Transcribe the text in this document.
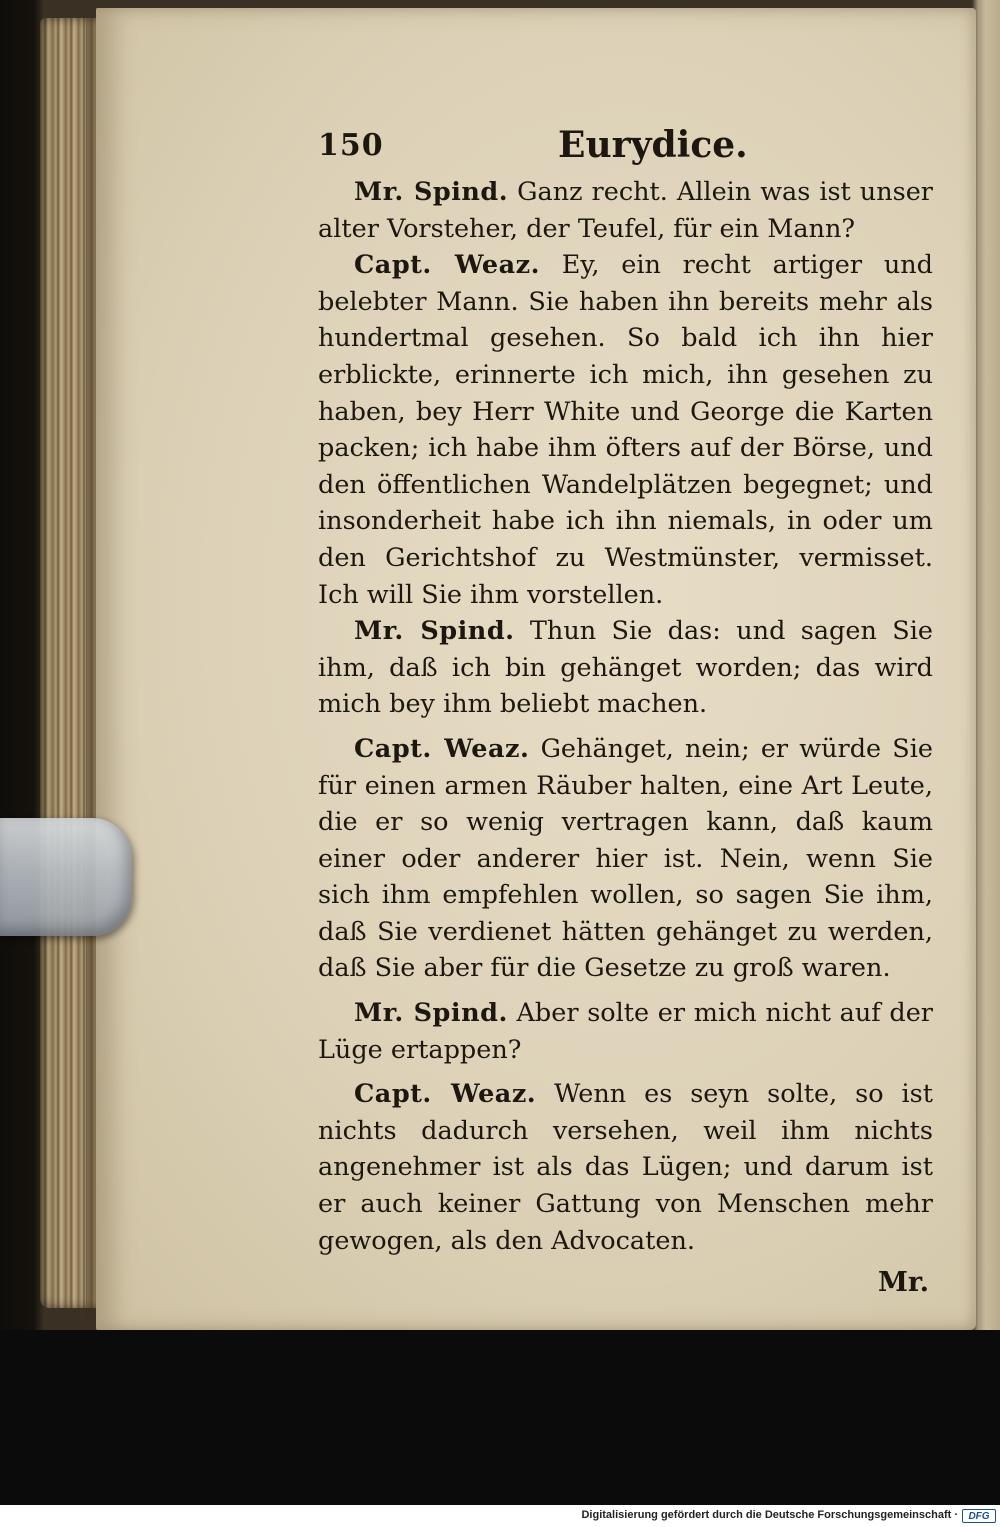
150	Eurydice.

Mr. Spind. Ganz recht. Allein was ist unser alter Vorsteher, der Teufel, für ein Mann?

Capt. Weaz. Ey, ein recht artiger und belebter Mann. Sie haben ihn bereits mehr als hundertmal gesehen. So bald ich ihn hier erblickte, erinnerte ich mich, ihn gesehen zu haben, bey Herr White und George die Karten packen; ich habe ihm öfters auf der Börse, und den öffentlichen Wandelplätzen begegnet; und insonderheit habe ich ihn niemals, in oder um den Gerichtshof zu Westmünster, vermisset. Ich will Sie ihm vorstellen.

Mr. Spind. Thun Sie das: und sagen Sie ihm, daß ich bin gehänget worden; das wird mich bey ihm beliebt machen.

Capt. Weaz. Gehänget, nein; er würde Sie für einen armen Räuber halten, eine Art Leute, die er so wenig vertragen kann, daß kaum einer oder anderer hier ist. Nein, wenn Sie sich ihm empfehlen wollen, so sagen Sie ihm, daß Sie verdienet hätten gehänget zu werden, daß Sie aber für die Gesetze zu groß waren.

Mr. Spind. Aber solte er mich nicht auf der Lüge ertappen?

Capt. Weaz. Wenn es seyn solte, so ist nichts dadurch versehen, weil ihm nichts angenehmer ist als das Lügen; und darum ist er auch keiner Gattung von Menschen mehr gewogen, als den Advocaten.

Mr.
Digitalisierung gefördert durch die Deutsche Forschungsgemeinschaft ·	DFG
